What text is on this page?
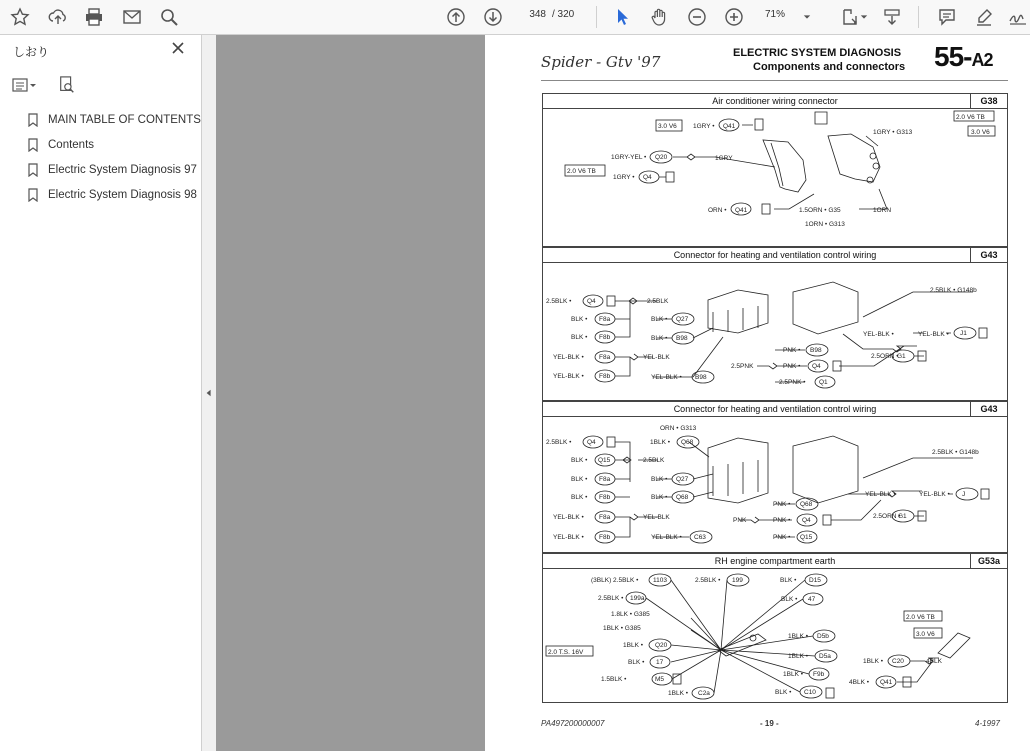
348 / 320	71%
しおり
MAIN TABLE OF CONTENTS
Contents
Electric System Diagnosis 97
Electric System Diagnosis 98
Spider - Gtv '97	ELECTRIC SYSTEM DIAGNOSIS
Components and connectors 55-A2
Air conditioner wiring connector	G38
3.0 V6 1GRY • Q41
2.0 V6 TB
1GRY-YEL • Q20
1GRY • Q4
1GRY
ORN • Q41	1.5ORN • G35
1ORN • G313
1ORN
1GRY • G313
2.0 V6 TB
3.0 V6
Connector for heating and ventilation control wiring	G43
2.5BLK • Q4	2.5BLK
BLK • F8a	BLK • Q27
BLK • F8b	BLK • B98
YEL-BLK • F8a	YEL-BLK
YEL-BLK • F8b	YEL-BLK • B98
2.5PNK
PNK • B98
PNK • Q4
2.5PNK • Q1
2.5ORN •
G1
YEL-BLK •	YEL-BLK • J1
2.5BLK • G148b
Connector for heating and ventilation control wiring	G43
ORN • G313
2.5BLK • Q4	1BLK • Q68
BLK • Q15	2.5BLK
BLK • F8a	BLK • Q27
BLK • F8b	BLK • Q68
YEL-BLK • F8a	YEL-BLK
YEL-BLK • F8b	YEL-BLK • C63
PNK
PNK • Q68
PNK • Q4
PNK • Q15
2.5ORN •
G1
YEL-BLK •	YEL-BLK • J
2.5BLK • G148b
RH engine compartment earth	G53a
(3BLK) 2.5BLK • 1103
2.5BLK • 199a
1.8LK • G385
1BLK • G385
1BLK • Q20
BLK • 17
1.5BLK •	M5
1BLK • C2a
2.5BLK • 199	BLK • D15
BLK • 47
1BLK • D5b
1BLK • D5a
1BLK • F9b
BLK • C10
2.0 T.S. 16V
1BLK • C20
4BLK • Q41
4BLK
2.0 V6 TB
3.0 V6
PA497200000007	- 19 -	4-1997
